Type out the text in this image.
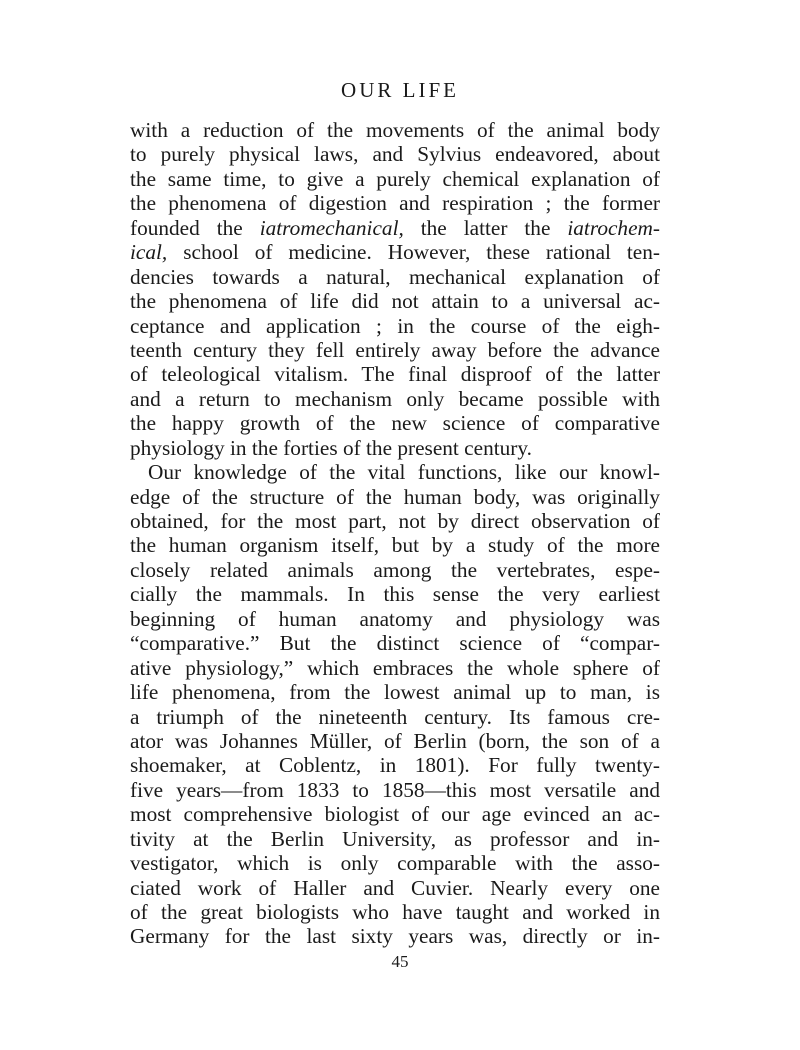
OUR LIFE
with a reduction of the movements of the animal body
to purely physical laws, and Sylvius endeavored, about
the same time, to give a purely chemical explanation of
the phenomena of digestion and respiration ; the former
founded the iatromechanical, the latter the iatrochem-
ical, school of medicine. However, these rational ten-
dencies towards a natural, mechanical explanation of
the phenomena of life did not attain to a universal ac-
ceptance and application ; in the course of the eigh-
teenth century they fell entirely away before the advance
of teleological vitalism. The final disproof of the latter
and a return to mechanism only became possible with
the happy growth of the new science of comparative
physiology in the forties of the present century.
Our knowledge of the vital functions, like our knowl-
edge of the structure of the human body, was originally
obtained, for the most part, not by direct observation of
the human organism itself, but by a study of the more
closely related animals among the vertebrates, espe-
cially the mammals. In this sense the very earliest
beginning of human anatomy and physiology was
“comparative.” But the distinct science of “compar-
ative physiology,” which embraces the whole sphere of
life phenomena, from the lowest animal up to man, is
a triumph of the nineteenth century. Its famous cre-
ator was Johannes Müller, of Berlin (born, the son of a
shoemaker, at Coblentz, in 1801). For fully twenty-
five years—from 1833 to 1858—this most versatile and
most comprehensive biologist of our age evinced an ac-
tivity at the Berlin University, as professor and in-
vestigator, which is only comparable with the asso-
ciated work of Haller and Cuvier. Nearly every one
of the great biologists who have taught and worked in
Germany for the last sixty years was, directly or in-
45
